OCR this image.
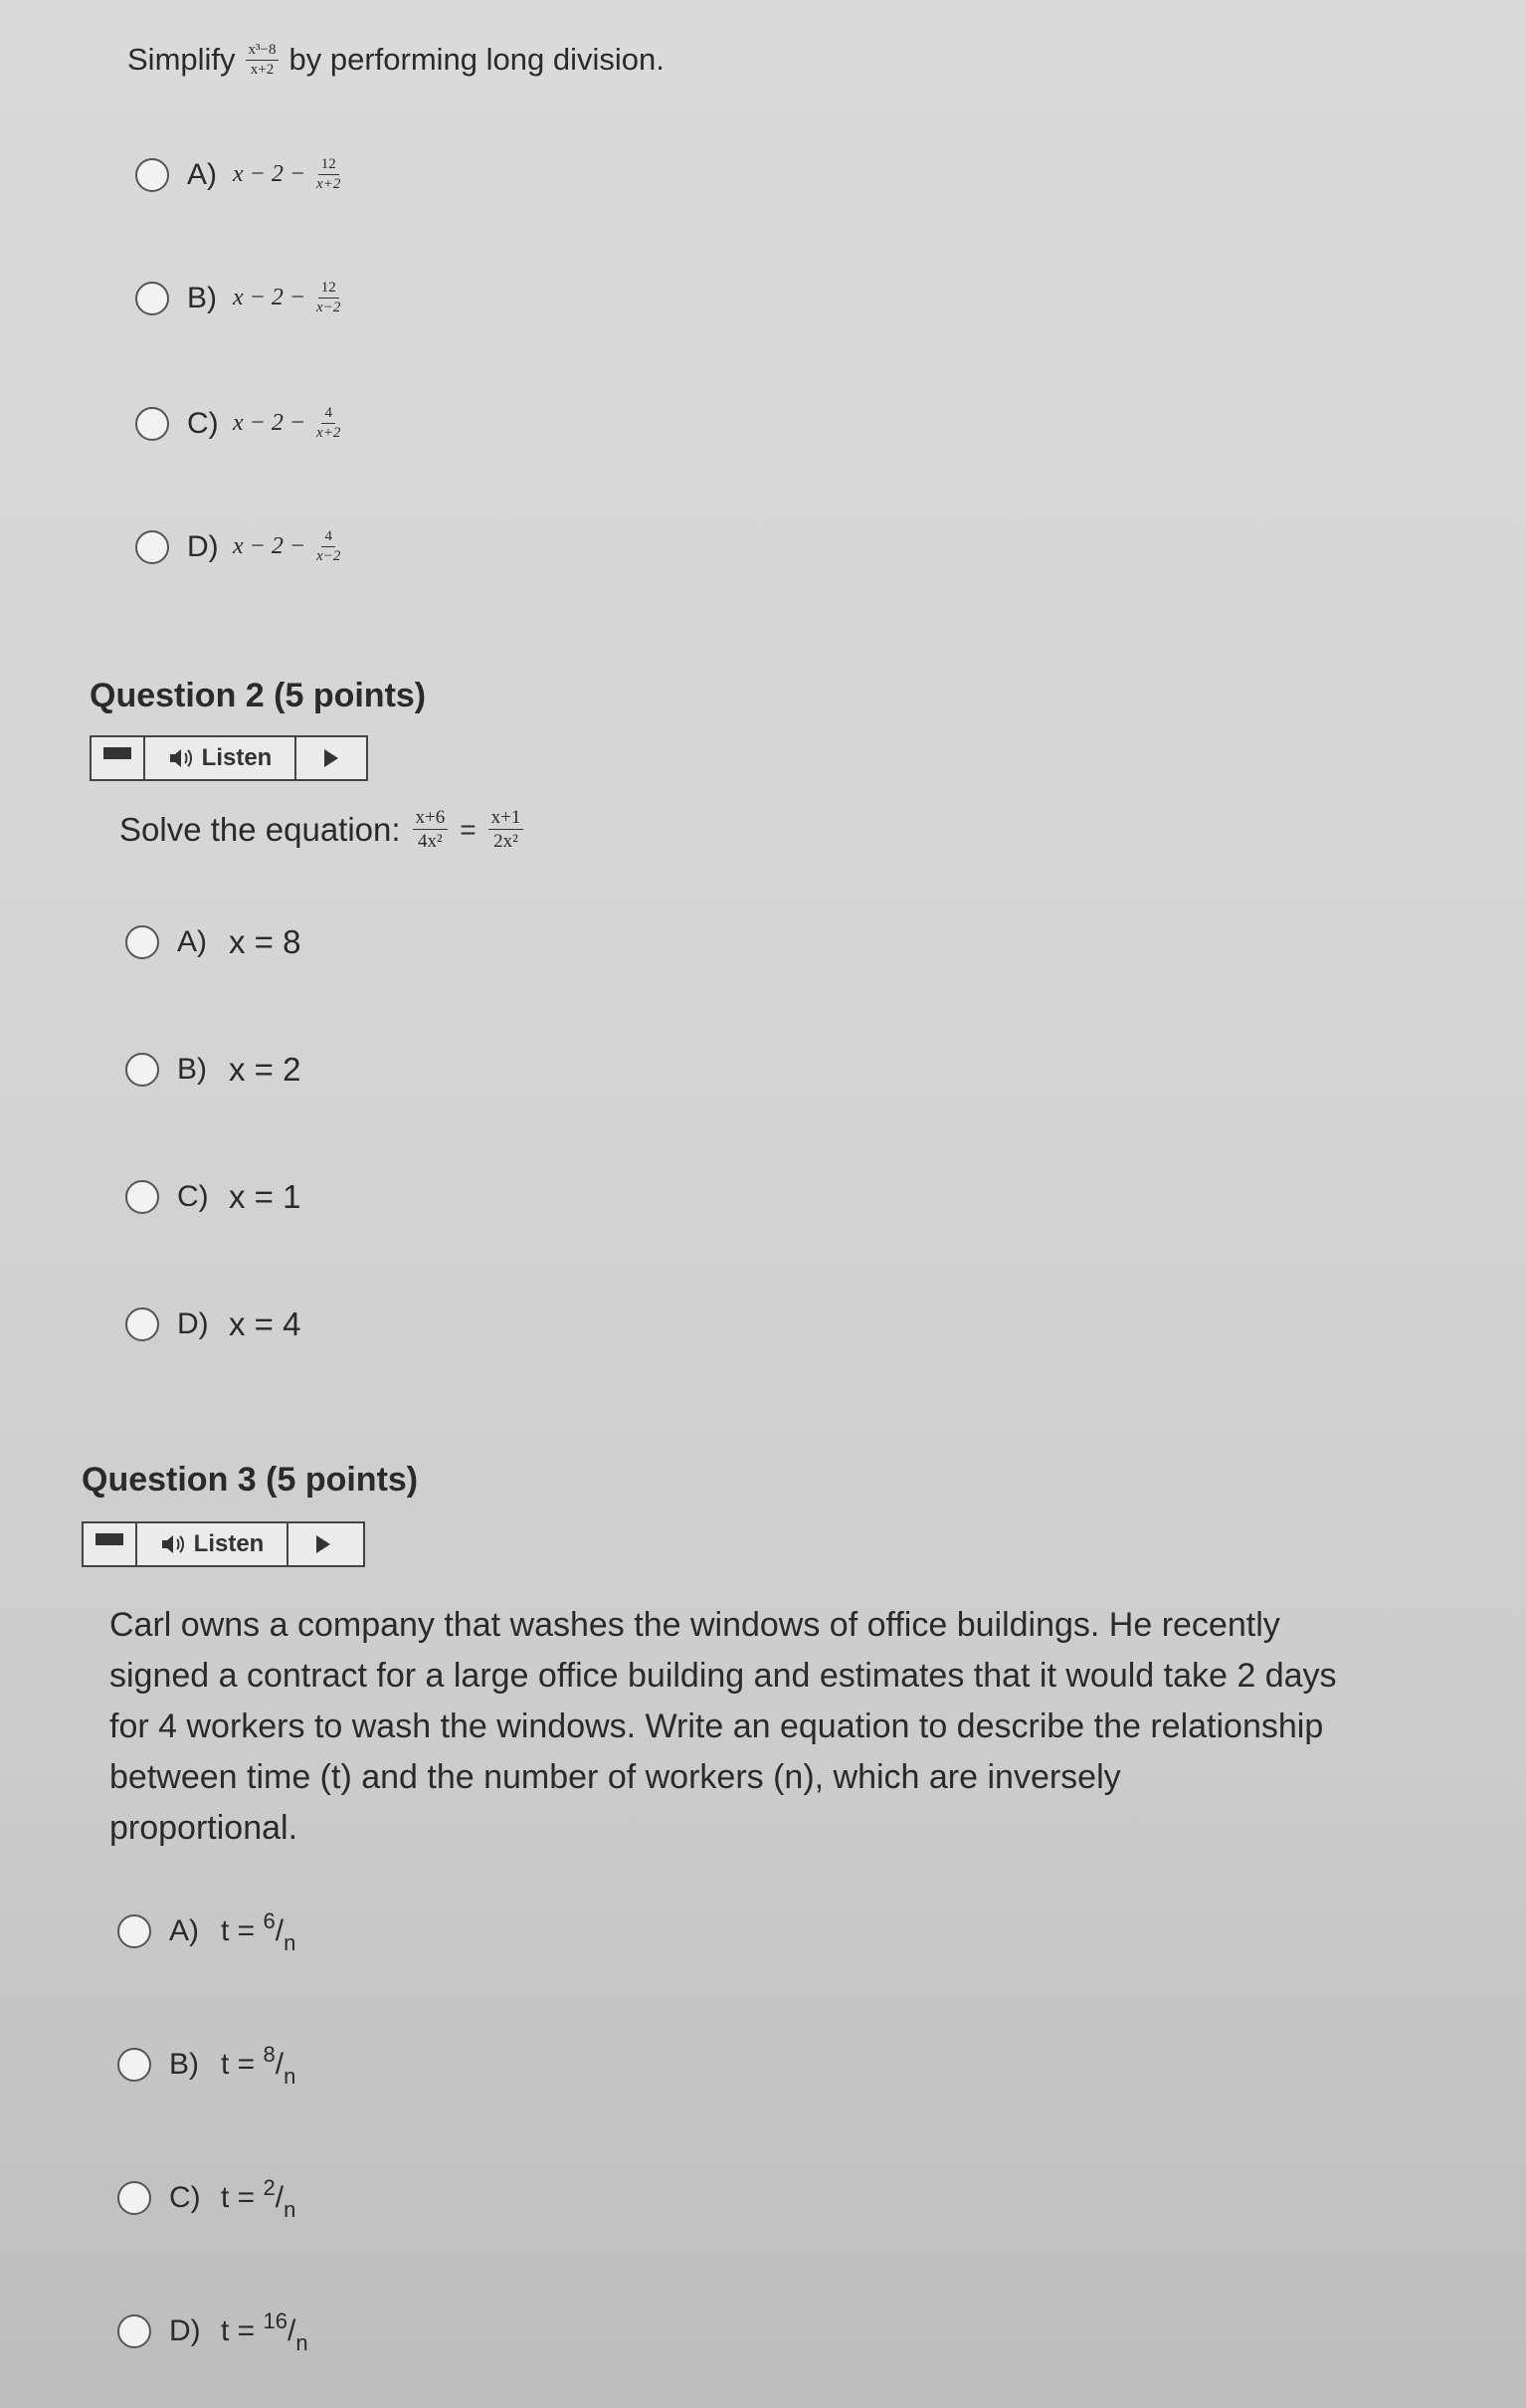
Simplify $\frac{\text{x³−8}}{x+2}$ by performing long division.
A) $x - 2 - \frac{12}{x+2}$
B) $x - 2 - \frac{12}{x-2}$
C) $x - 2 - \frac{4}{x+2}$
D) $x - 2 - \frac{4}{x-2}$
Question 2 (5 points)
Listen
Solve the equation: $\frac{x+6}{\text{4x²}} = \frac{x+1}{\text{2x²}}$
A) x = 8
B) x = 2
C) x = 1
D) x = 4
Question 3 (5 points)
Listen
Carl owns a company that washes the windows of office buildings. He recently
signed a contract for a large office building and estimates that it would take 2 days
for 4 workers to wash the windows. Write an equation to describe the relationship
between time (t) and the number of workers (n), which are inversely
proportional.
A) $t = ^6/_n$
B) $t = ^8/_n$
C) $t = ^2/_n$
D) $t = ^{16}/_n$
